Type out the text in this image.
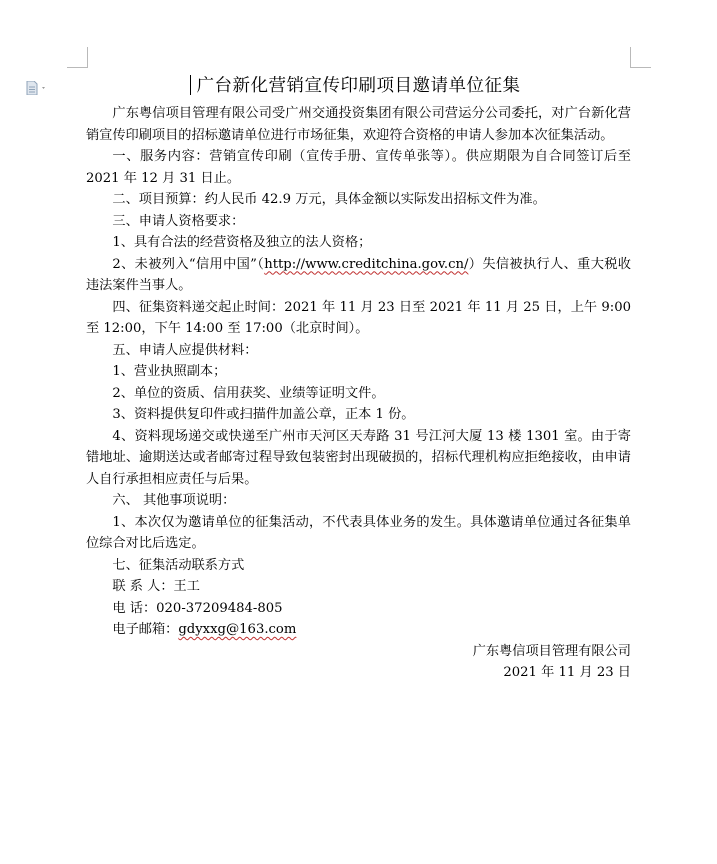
广台新化营销宣传印刷项目邀请单位征集

广东粤信项目管理有限公司受广州交通投资集团有限公司营运分公司委托，对广台新化营销宣传印刷项目的招标邀请单位进行市场征集，欢迎符合资格的申请人参加本次征集活动。

一、服务内容：营销宣传印刷（宣传手册、宣传单张等）。供应期限为自合同签订后至 2021 年 12 月 31 日止。

二、项目预算：约人民币 42.9 万元，具体金额以实际发出招标文件为准。

三、申请人资格要求：

1、具有合法的经营资格及独立的法人资格；

2、未被列入“信用中国”（http://www.creditchina.gov.cn/）失信被执行人、重大税收违法案件当事人。

四、征集资料递交起止时间：2021 年 11 月 23 日至 2021 年 11 月 25 日，上午 9:00 至 12:00，下午 14:00 至 17:00（北京时间）。

五、申请人应提供材料：

1、营业执照副本；

2、单位的资质、信用获奖、业绩等证明文件。

3、资料提供复印件或扫描件加盖公章，正本 1 份。

4、资料现场递交或快递至广州市天河区天寿路 31 号江河大厦 13 楼 1301 室。由于寄错地址、逾期送达或者邮寄过程导致包装密封出现破损的，招标代理机构应拒绝接收，由申请人自行承担相应责任与后果。

六、 其他事项说明：

1、本次仅为邀请单位的征集活动，不代表具体业务的发生。具体邀请单位通过各征集单位综合对比后选定。

七、征集活动联系方式

联 系 人：王工

电 话：020-37209484-805

电子邮箱：gdyxxg@163.com

广东粤信项目管理有限公司

2021 年 11 月 23 日
